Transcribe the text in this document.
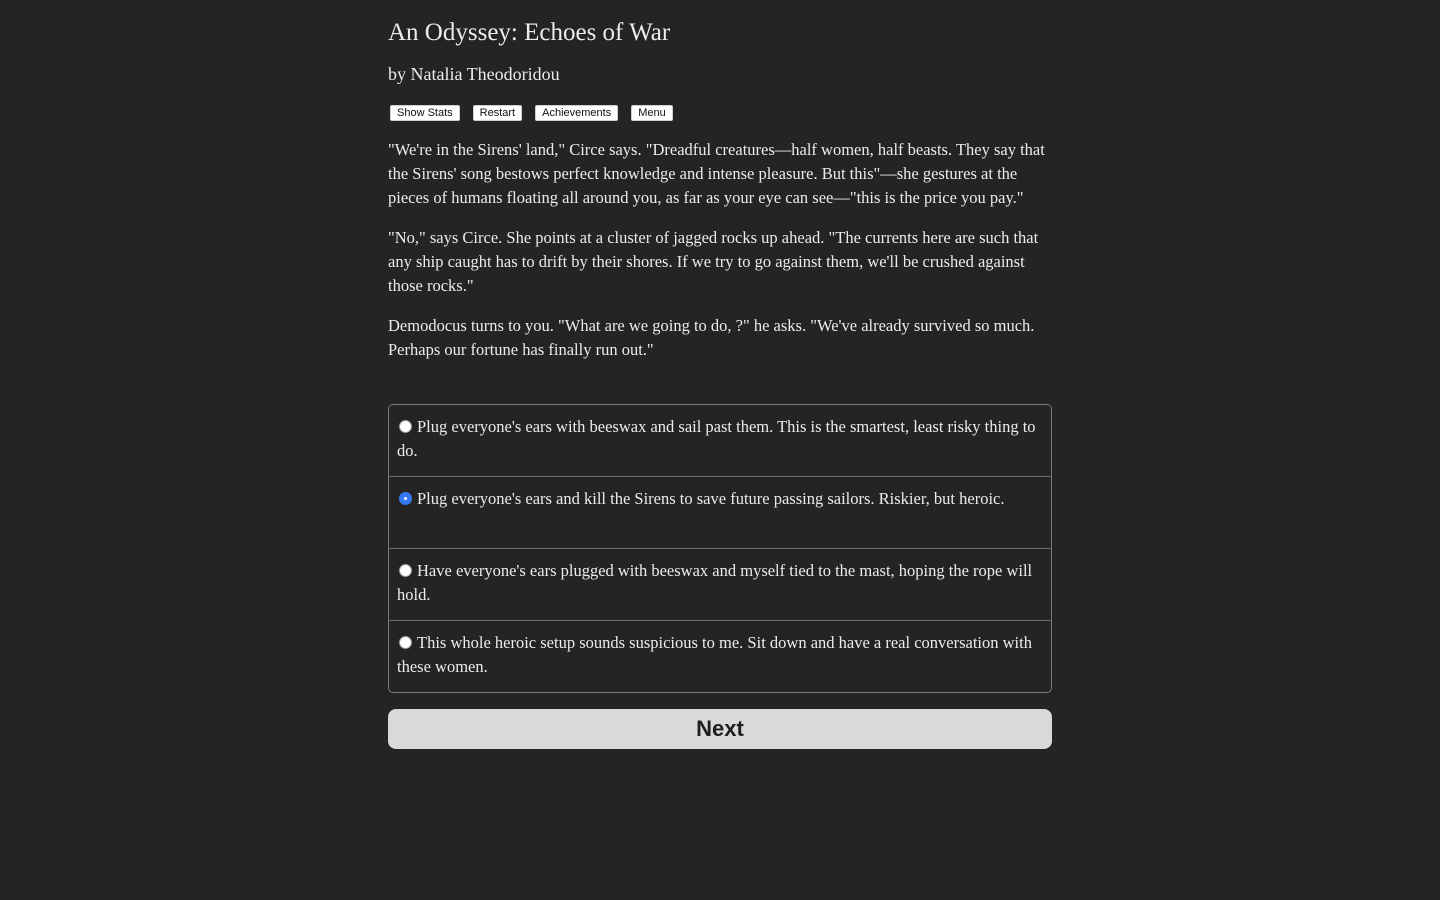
An Odyssey: Echoes of War
by Natalia Theodoridou
Show Stats	Restart	Achievements	Menu

"We're in the Sirens' land," Circe says. "Dreadful creatures—half women, half beasts. They say that the Sirens' song bestows perfect knowledge and intense pleasure. But this"—she gestures at the pieces of humans floating all around you, as far as your eye can see—"this is the price you pay."

"No," says Circe. She points at a cluster of jagged rocks up ahead. "The currents here are such that any ship caught has to drift by their shores. If we try to go against them, we'll be crushed against those rocks."

Demodocus turns to you. "What are we going to do, ?" he asks. "We've already survived so much. Perhaps our fortune has finally run out."

Plug everyone's ears with beeswax and sail past them. This is the smartest, least risky thing to do.
Plug everyone's ears and kill the Sirens to save future passing sailors. Riskier, but heroic.
Have everyone's ears plugged with beeswax and myself tied to the mast, hoping the rope will hold.
This whole heroic setup sounds suspicious to me. Sit down and have a real conversation with these women.
Next
